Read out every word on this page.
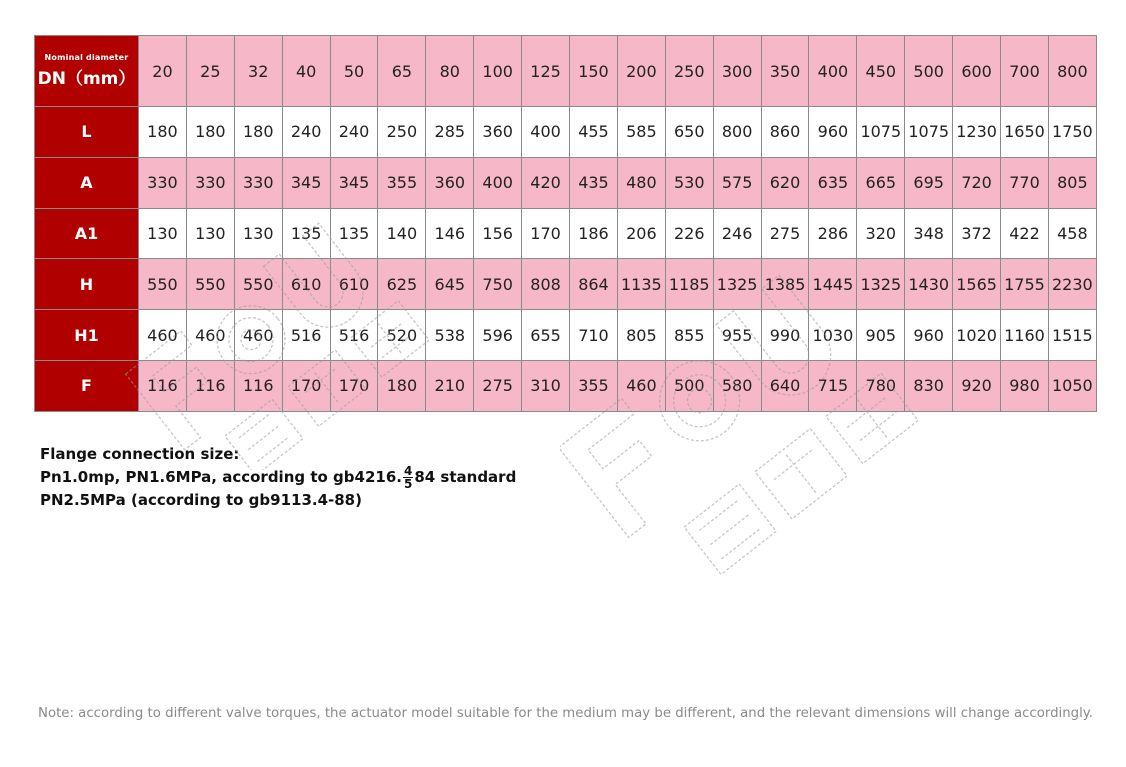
Nominal diameter
DN（mm）	20	25	32	40	50	65	80	100	125	150	200	250	300	350	400	450	500	600	700	800
L	180	180	180	240	240	250	285	360	400	455	585	650	800	860	960	1075	1075	1230	1650	1750
A	330	330	330	345	345	355	360	400	420	435	480	530	575	620	635	665	695	720	770	805
A1	130	130	130	135	135	140	146	156	170	186	206	226	246	275	286	320	348	372	422	458
H	550	550	550	610	610	625	645	750	808	864	1135	1185	1325	1385	1445	1325	1430	1565	1755	2230
H1	460	460	460	516	516	520	538	596	655	710	805	855	955	990	1030	905	960	1020	1160	1515
F	116	116	116	170	170	180	210	275	310	355	460	500	580	640	715	780	830	920	980	1050
Flange connection size:
Pn1.0mp, PN1.6MPa, according to gb4216. $\frac{4}{5} 84$ standard
PN2.5MPa (according to gb9113.4-88)
Note: according to different valve torques, the actuator model suitable for the medium may be different, and the relevant dimensions will change accordingly.
